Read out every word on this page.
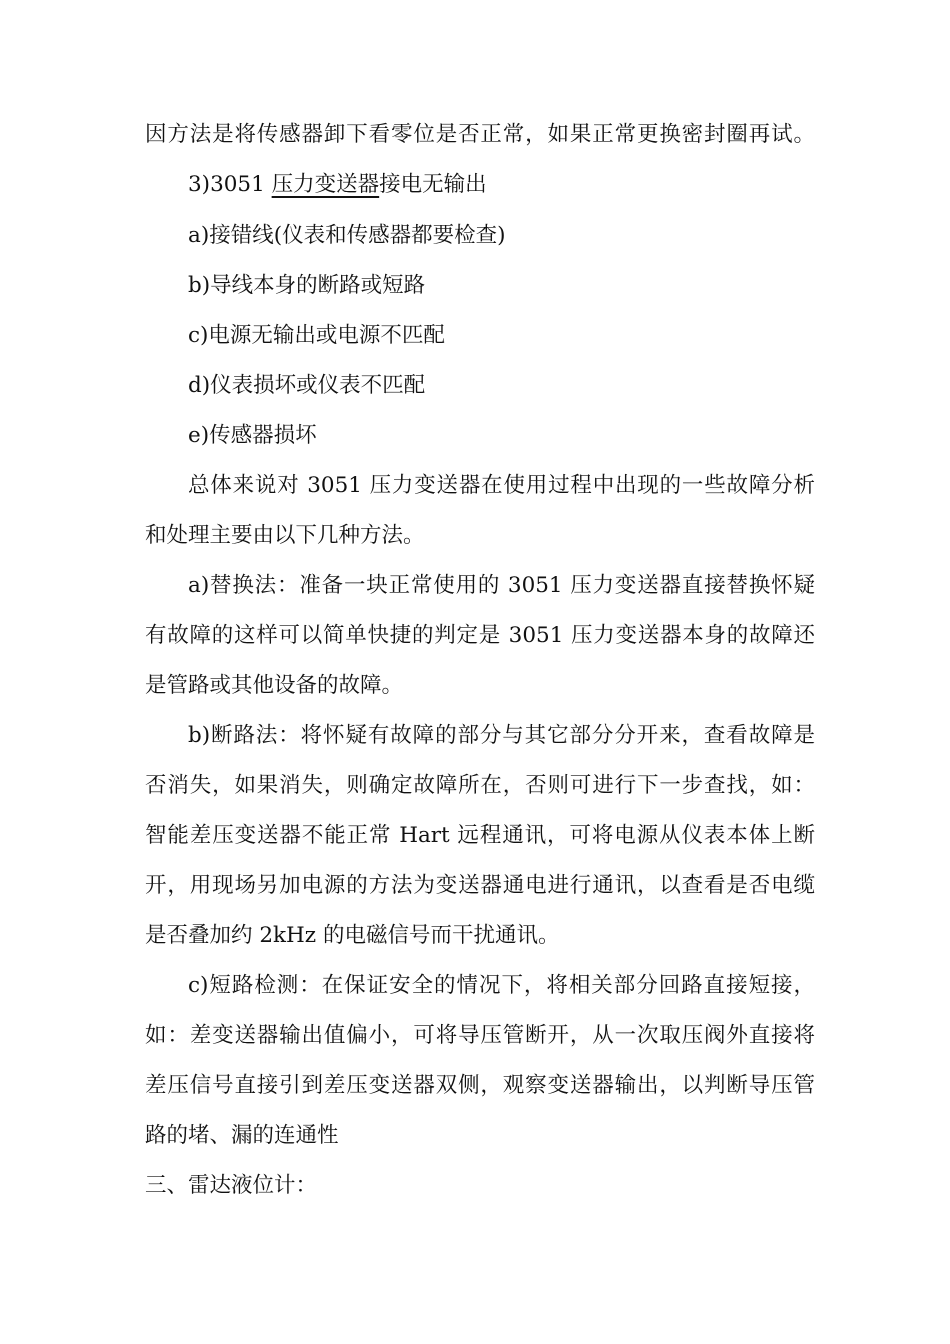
因方法是将传感器卸下看零位是否正常，如果正常更换密封圈再试。
3)3051 压力变送器接电无输出
a)接错线(仪表和传感器都要检查)
b)导线本身的断路或短路
c)电源无输出或电源不匹配
d)仪表损坏或仪表不匹配
e)传感器损坏
总体来说对 3051 压力变送器在使用过程中出现的一些故障分析
和处理主要由以下几种方法。
a)替换法：准备一块正常使用的 3051 压力变送器直接替换怀疑
有故障的这样可以简单快捷的判定是 3051 压力变送器本身的故障还
是管路或其他设备的故障。
b)断路法：将怀疑有故障的部分与其它部分分开来，查看故障是
否消失，如果消失，则确定故障所在，否则可进行下一步查找，如：
智能差压变送器不能正常 Hart 远程通讯，可将电源从仪表本体上断
开，用现场另加电源的方法为变送器通电进行通讯，以查看是否电缆
是否叠加约 2kHz 的电磁信号而干扰通讯。
c)短路检测：在保证安全的情况下，将相关部分回路直接短接，
如：差变送器输出值偏小，可将导压管断开，从一次取压阀外直接将
差压信号直接引到差压变送器双侧，观察变送器输出，以判断导压管
路的堵、漏的连通性
三、雷达液位计：
